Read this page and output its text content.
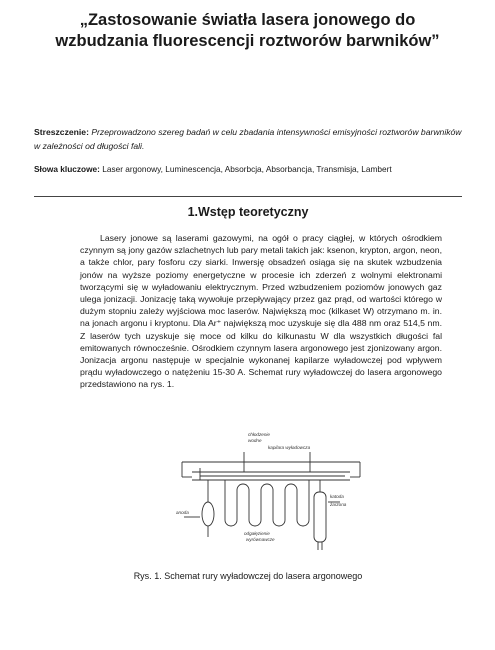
„Zastosowanie światła lasera jonowego do
wzbudzania fluorescencji roztworów barwników”
Streszczenie: Przeprowadzono szereg badań w celu zbadania intensywności emisyjności roztworów barwników w zależności od długości fali.
Słowa kluczowe: Laser argonowy, Luminescencja, Absorbcja, Absorbancja, Transmisja, Lambert
1.Wstęp teoretyczny
Lasery jonowe są laserami gazowymi, na ogół o pracy ciągłej, w których ośrodkiem czynnym są jony gazów szlachetnych lub pary metali takich jak: ksenon, krypton, argon, neon, a także chlor, pary fosforu czy siarki. Inwersję obsadzeń osiąga się na skutek wzbudzenia jonów na wyższe poziomy energetyczne w procesie ich zderzeń z wolnymi elektronami tworzącymi się w wyładowaniu elektrycznym. Przed wzbudzeniem poziomów jonowych gaz ulega jonizacji. Jonizację taką wywołuje przepływający przez gaz prąd, od wartości którego w dużym stopniu zależy wyjściowa moc laserów. Największą moc (kilkaset W) otrzymano m. in. na jonach argonu i kryptonu. Dla Ar⁺ największą moc uzyskuje się dla 488 nm oraz 514,5 nm. Z laserów tych uzyskuje się moce od kilku do kilkunastu W dla wszystkich długości fal emitowanych równocześnie. Ośrodkiem czynnym lasera argonowego jest zjonizowany argon. Jonizacja argonu następuje w specjalnie wykonanej kapilarze wyładowczej pod wpływem prądu wyładowczego o natężeniu 15-30 A. Schemat rury wyładowczej do lasera argonowego przedstawiono na rys. 1.
chłodzenie
wodne
kapilara wyładowcza
anoda
odgałęzienie
wyrównawcze
katoda
żarzona
Rys. 1. Schemat rury wyładowczej do lasera argonowego
